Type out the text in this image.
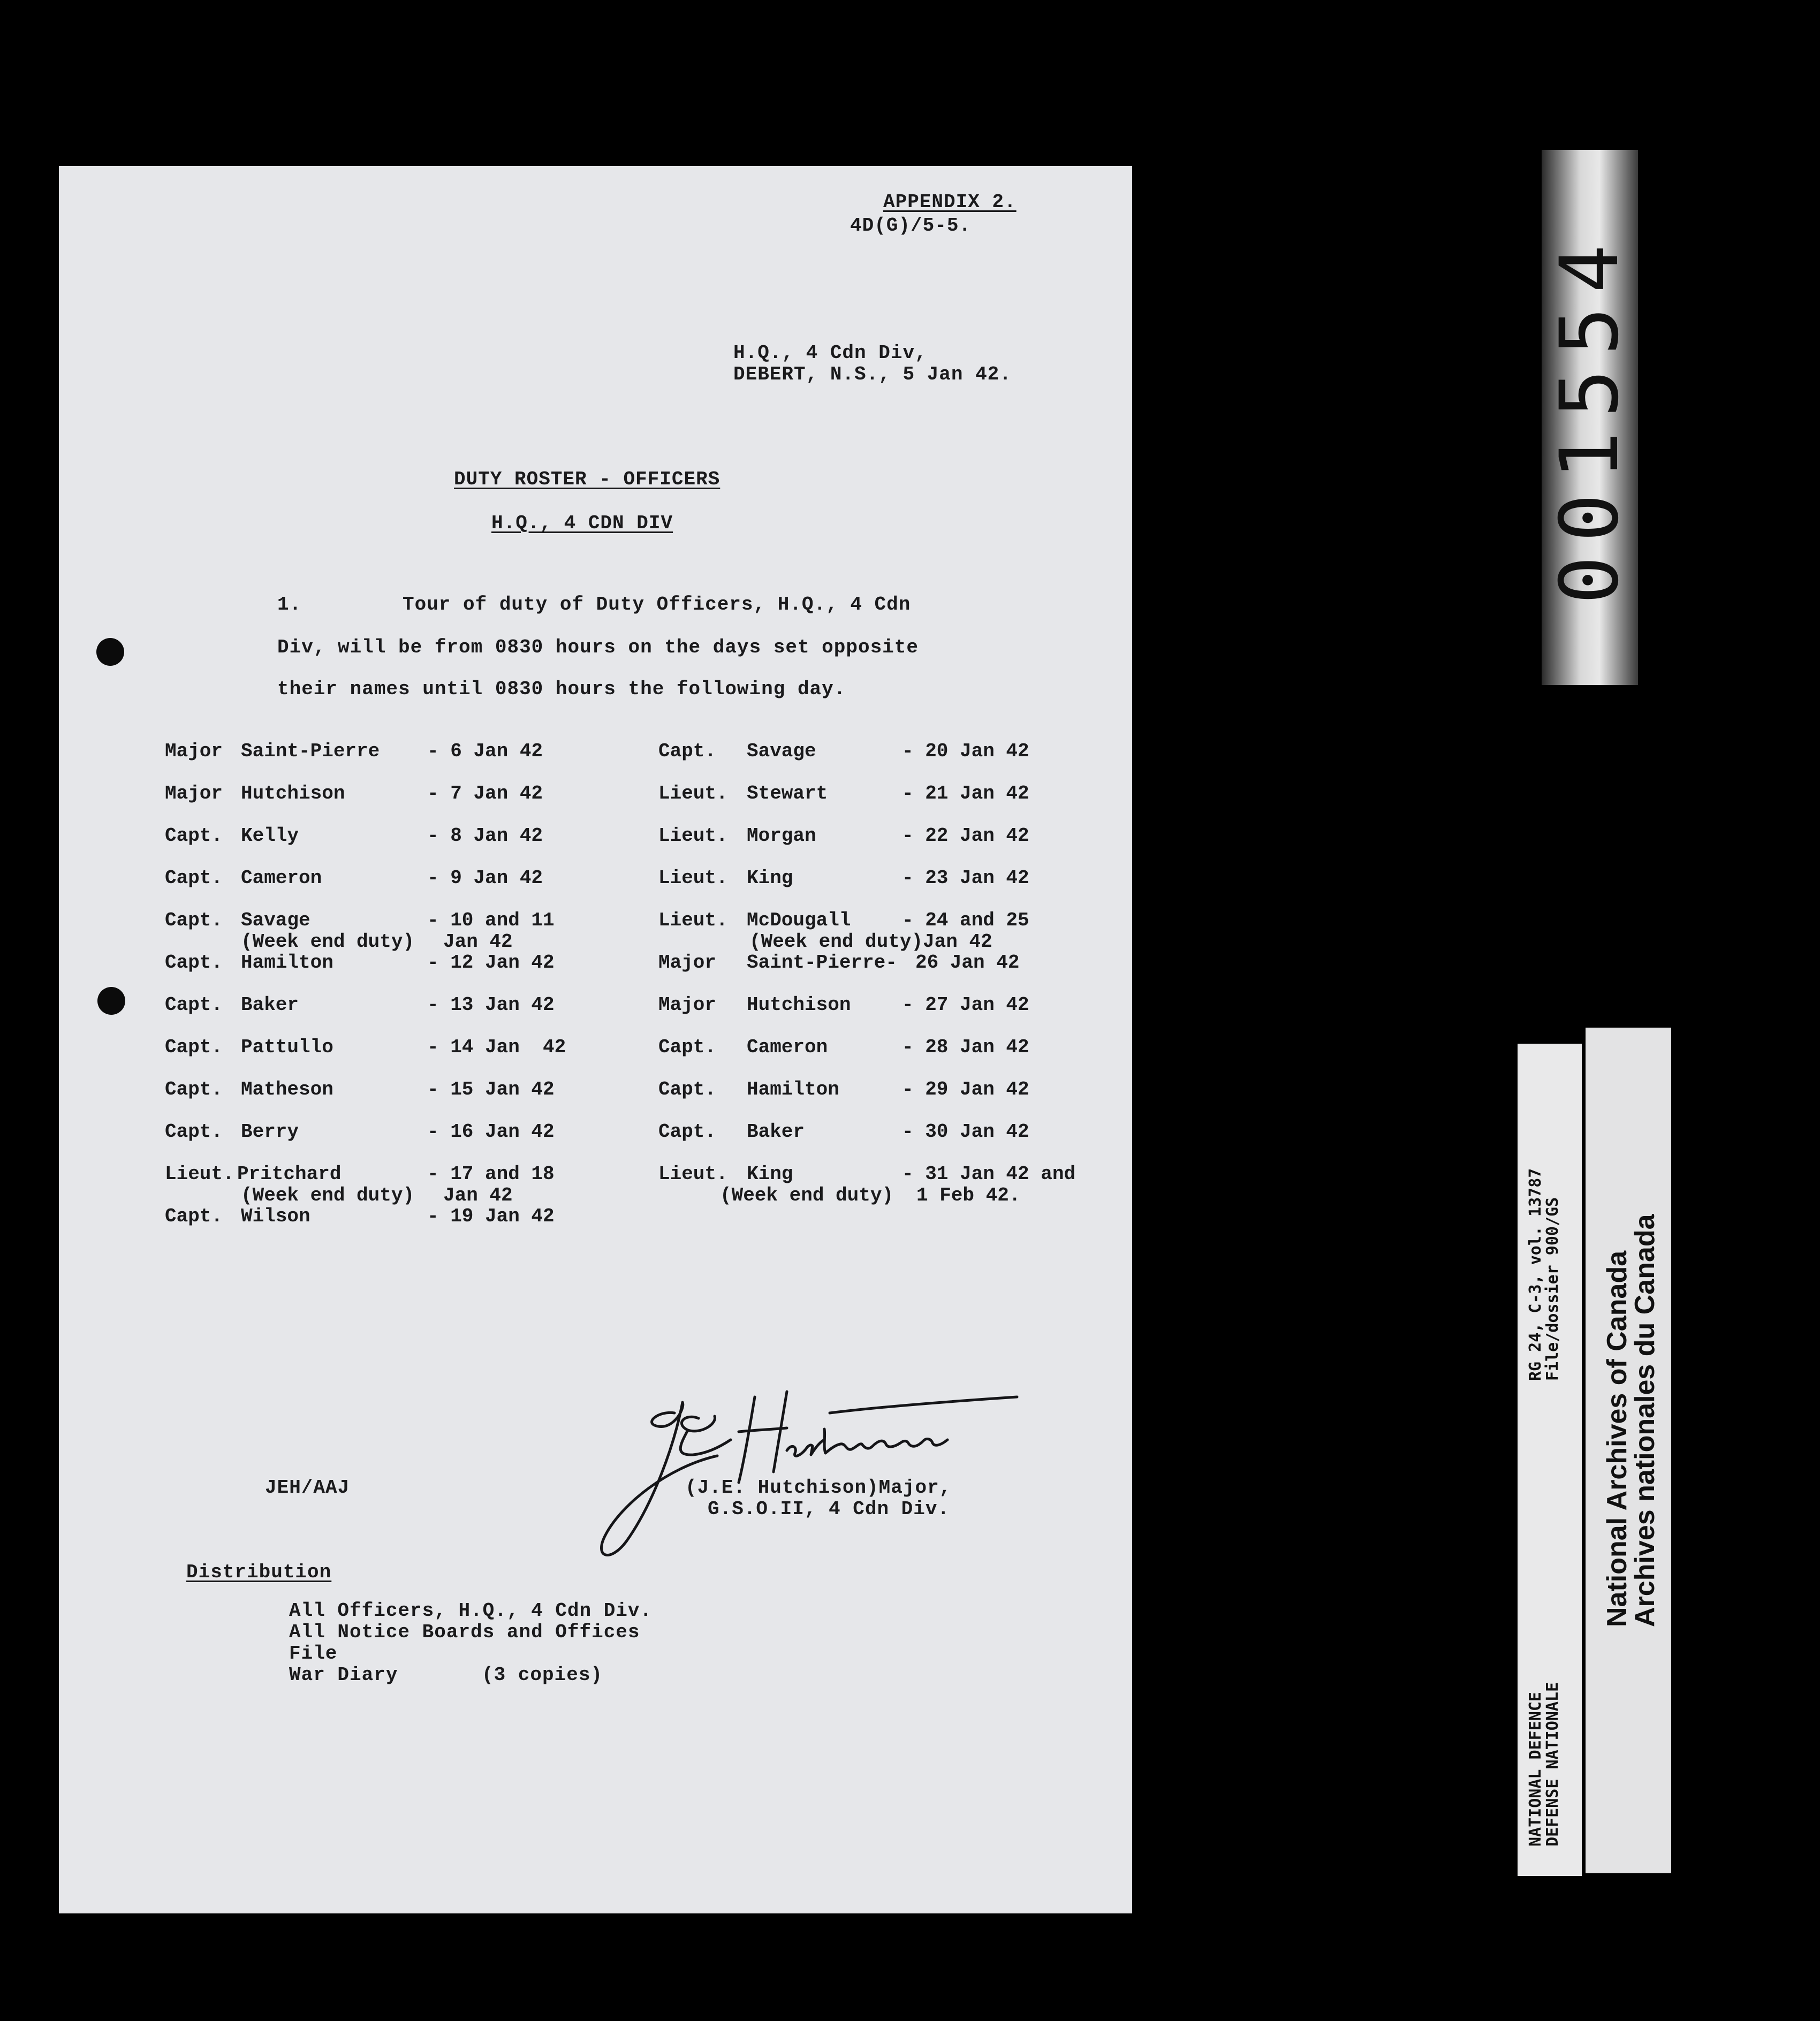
APPENDIX 2.
4D(G)/5-5.
H.Q., 4 Cdn Div,
DEBERT, N.S., 5 Jan 42.
DUTY ROSTER - OFFICERS
H.Q., 4 CDN DIV
1.	Tour of duty of Duty Officers, H.Q., 4 Cdn
Div, will be from 0830 hours on the days set opposite
their names until 0830 hours the following day.
Major Saint-Pierre - 6 Jan 42
Major Hutchison	- 7 Jan 42
Capt. Kelly	- 8 Jan 42
Capt. Cameron	- 9 Jan 42
Capt. Savage	- 10 and 11
(Week end duty) Jan 42
Capt. Hamilton	- 12 Jan 42
Capt. Baker	- 13 Jan 42
Capt. Pattullo	- 14 Jan  42
Capt. Matheson	- 15 Jan 42
Capt. Berry	- 16 Jan 42
Lieut. Pritchard	- 17 and 18
(Week end duty) Jan 42
Capt. Wilson	- 19 Jan 42
Capt. Savage	- 20 Jan 42
Lieut. Stewart	- 21 Jan 42
Lieut. Morgan	- 22 Jan 42
Lieut. King	- 23 Jan 42
Lieut. McDougall	- 24 and 25
(Week end duty)Jan 42
Major Saint-Pierre- 26 Jan 42
Major Hutchison	- 27 Jan 42
Capt. Cameron	- 28 Jan 42
Capt. Hamilton	- 29 Jan 42
Capt. Baker	- 30 Jan 42
Lieut. King	- 31 Jan 42 and
(Week end duty) 1 Feb 42.
JEH/AAJ	(J.E. Hutchison)Major,
G.S.O.II, 4 Cdn Div.
Distribution
All Officers, H.Q., 4 Cdn Div.
All Notice Boards and Offices
File
War Diary	(3 copies)
001554
NATIONAL DEFENCE
DEFENSE NATIONALE
RG 24, C-3, vol. 13787
File/dossier 900/GS National Archives of Canada
Archives nationales du Canada
